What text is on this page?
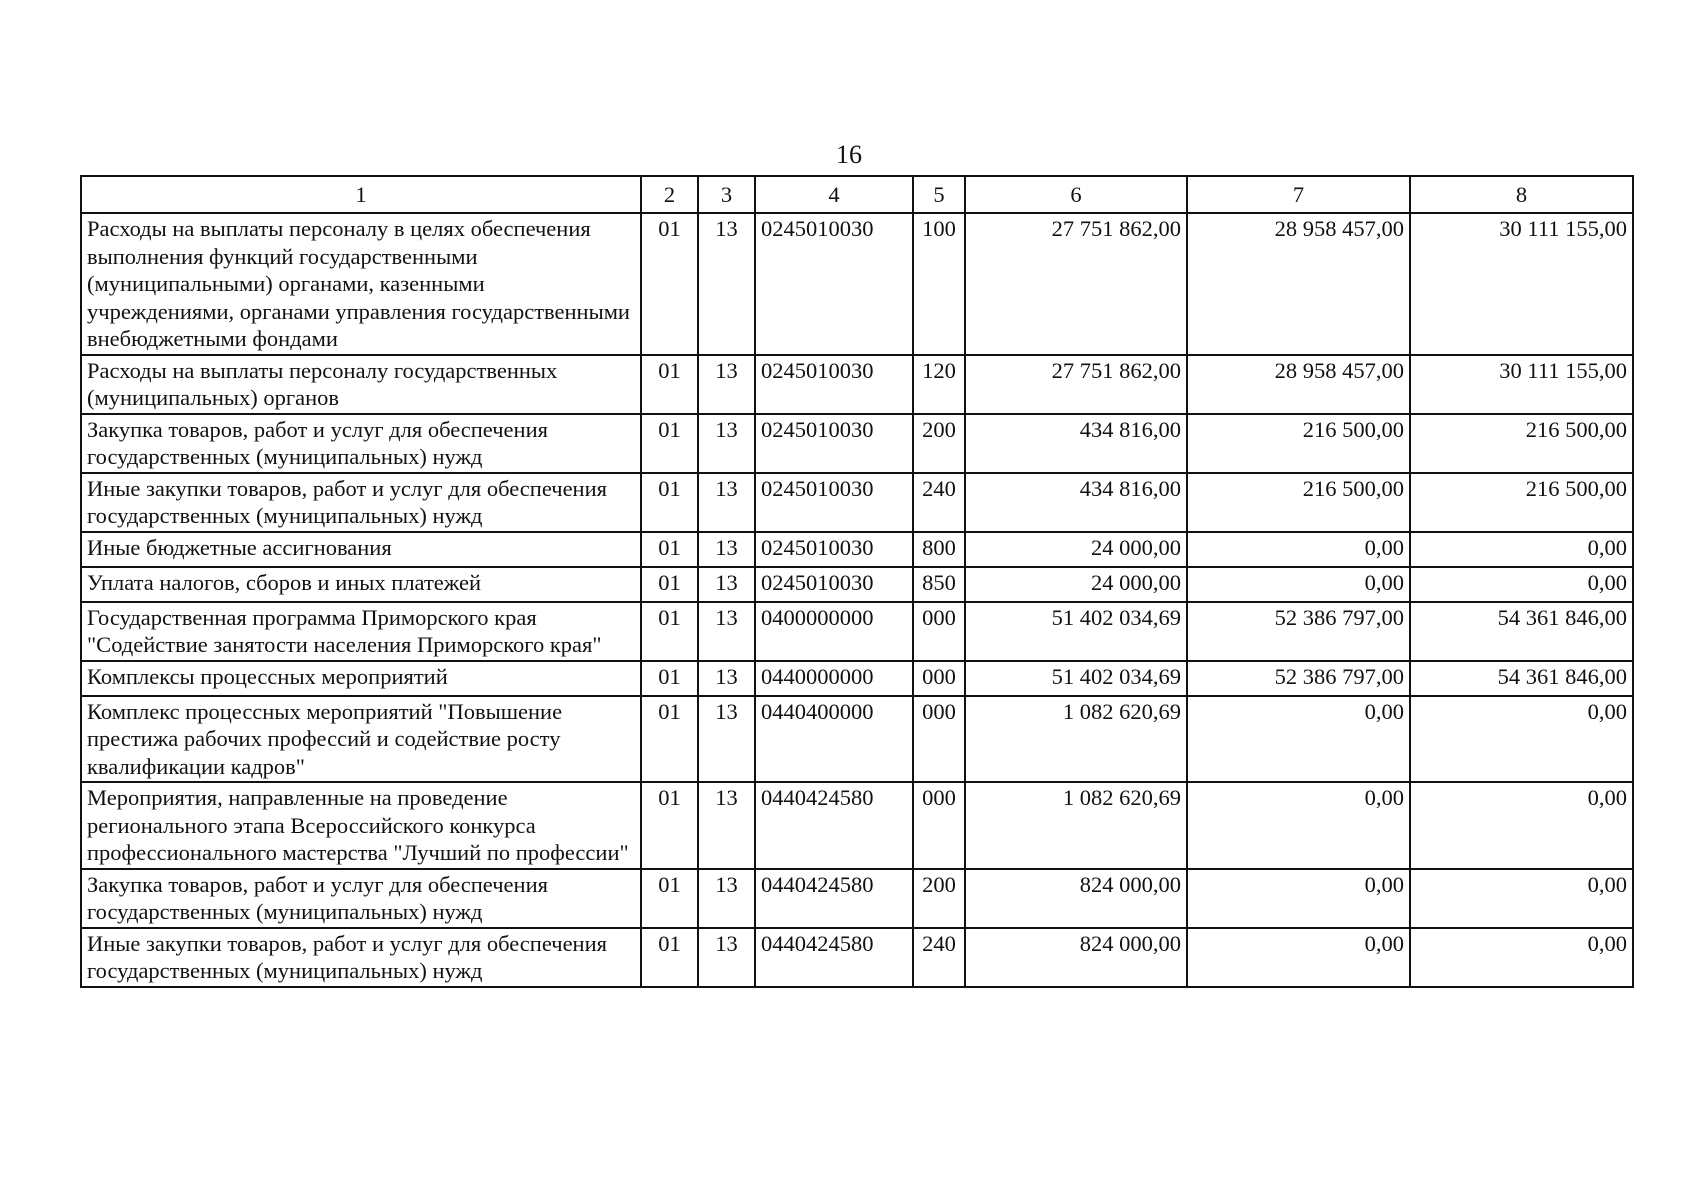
16
1	2	3	4	5	6	7	8
Расходы на выплаты персоналу в целях обеспечения выполнения функций государственными (муниципальными) органами, казенными учреждениями, органами управления государственными внебюджетными фондами	01	13	0245010030	100	27 751 862,00	28 958 457,00	30 111 155,00
Расходы на выплаты персоналу государственных (муниципальных) органов	01	13	0245010030	120	27 751 862,00	28 958 457,00	30 111 155,00
Закупка товаров, работ и услуг для обеспечения государственных (муниципальных) нужд	01	13	0245010030	200	434 816,00	216 500,00	216 500,00
Иные закупки товаров, работ и услуг для обеспечения государственных (муниципальных) нужд	01	13	0245010030	240	434 816,00	216 500,00	216 500,00
Иные бюджетные ассигнования	01	13	0245010030	800	24 000,00	0,00	0,00
Уплата налогов, сборов и иных платежей	01	13	0245010030	850	24 000,00	0,00	0,00
Государственная программа Приморского края "Содействие занятости населения Приморского края"	01	13	0400000000	000	51 402 034,69	52 386 797,00	54 361 846,00
Комплексы процессных мероприятий	01	13	0440000000	000	51 402 034,69	52 386 797,00	54 361 846,00
Комплекс процессных мероприятий "Повышение престижа рабочих профессий и содействие росту квалификации кадров"	01	13	0440400000	000	1 082 620,69	0,00	0,00
Мероприятия, направленные на проведение регионального этапа Всероссийского конкурса профессионального мастерства "Лучший по профессии"	01	13	0440424580	000	1 082 620,69	0,00	0,00
Закупка товаров, работ и услуг для обеспечения государственных (муниципальных) нужд	01	13	0440424580	200	824 000,00	0,00	0,00
Иные закупки товаров, работ и услуг для обеспечения государственных (муниципальных) нужд	01	13	0440424580	240	824 000,00	0,00	0,00
